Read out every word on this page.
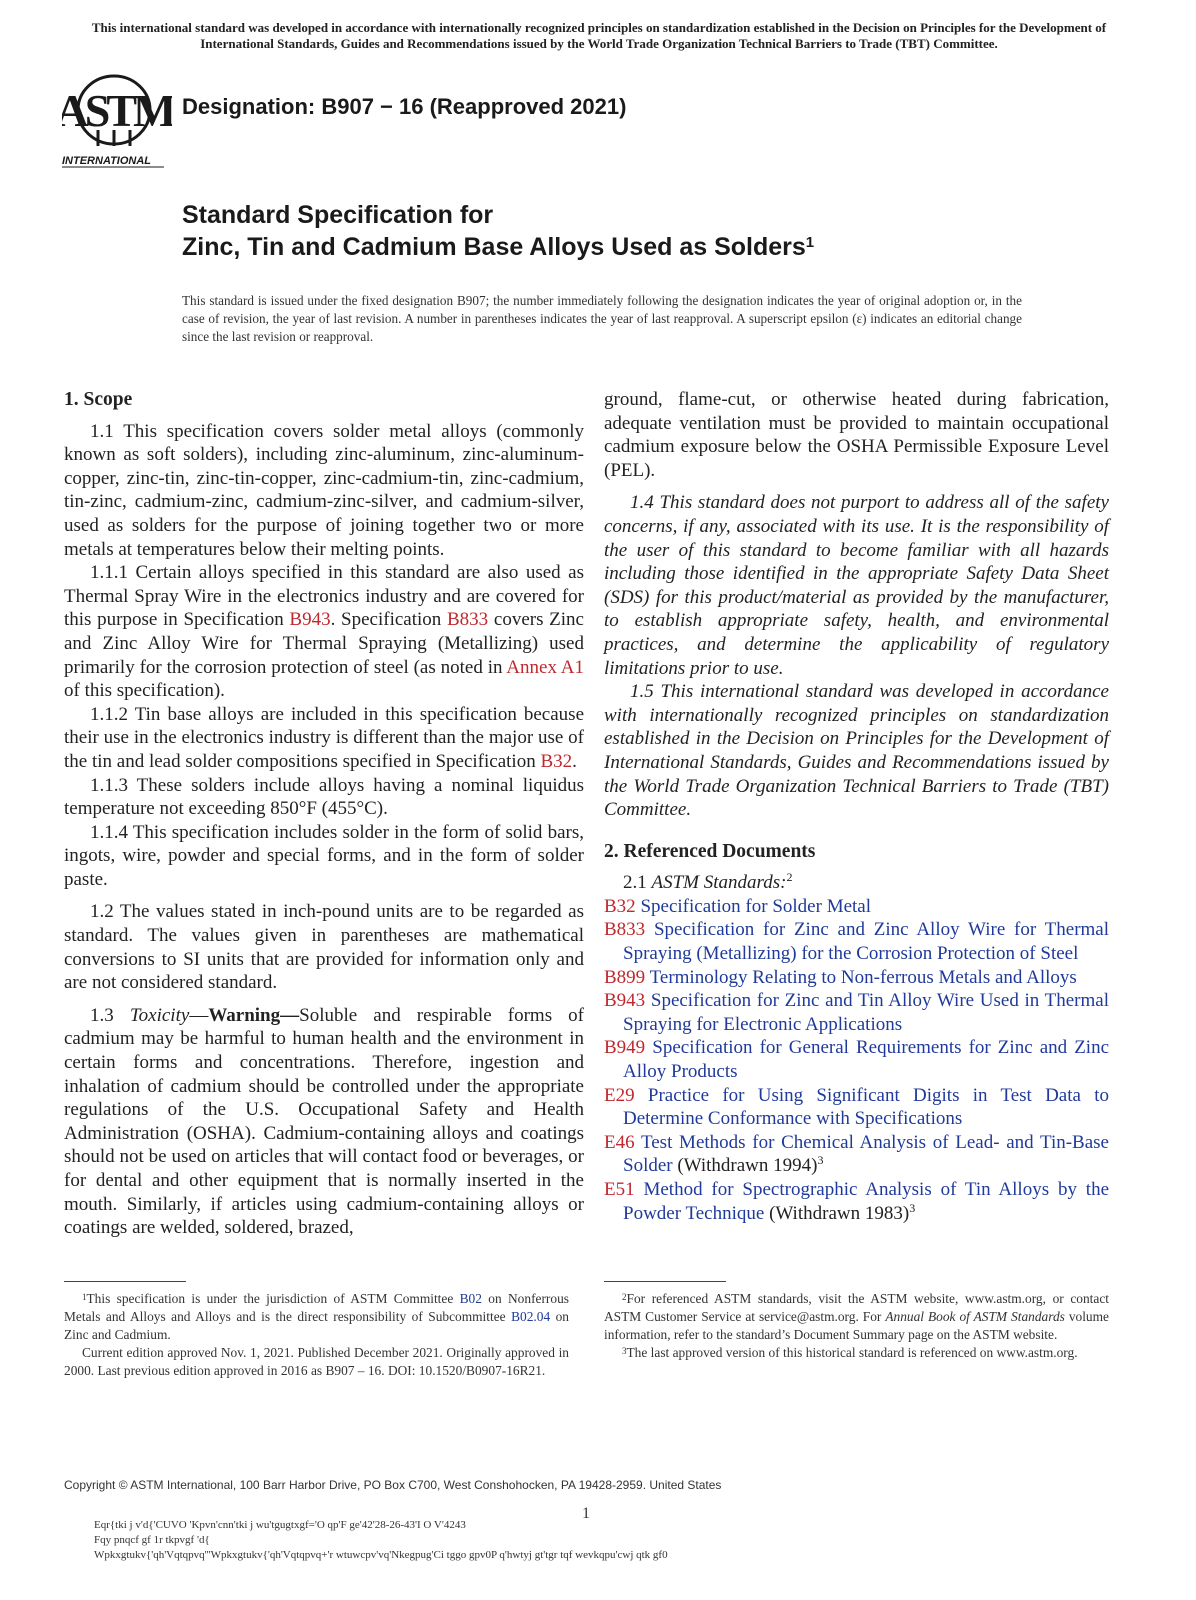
This international standard was developed in accordance with internationally recognized principles on standardization established in the Decision on Principles for the Development of International Standards, Guides and Recommendations issued by the World Trade Organization Technical Barriers to Trade (TBT) Committee.
ASTM
INTERNATIONAL
Designation: B907 − 16 (Reapproved 2021)
Standard Specification for
Zinc, Tin and Cadmium Base Alloys Used as Solders$^1$
This standard is issued under the fixed designation B907; the number immediately following the designation indicates the year of original adoption or, in the case of revision, the year of last revision. A number in parentheses indicates the year of last reapproval. A superscript epsilon (ε) indicates an editorial change since the last revision or reapproval.
1. Scope

1.1 This specification covers solder metal alloys (commonly known as soft solders), including zinc-aluminum, zinc-aluminum-copper, zinc-tin, zinc-tin-copper, zinc-cadmium-tin, zinc-cadmium, tin-zinc, cadmium-zinc, cadmium-zinc-silver, and cadmium-silver, used as solders for the purpose of joining together two or more metals at temperatures below their melting points.

1.1.1 Certain alloys specified in this standard are also used as Thermal Spray Wire in the electronics industry and are covered for this purpose in Specification B943. Specification B833 covers Zinc and Zinc Alloy Wire for Thermal Spraying (Metallizing) used primarily for the corrosion protection of steel (as noted in Annex A1 of this specification).

1.1.2 Tin base alloys are included in this specification because their use in the electronics industry is different than the major use of the tin and lead solder compositions specified in Specification B32.

1.1.3 These solders include alloys having a nominal liquidus temperature not exceeding 850°F (455°C).

1.1.4 This specification includes solder in the form of solid bars, ingots, wire, powder and special forms, and in the form of solder paste.

1.2 The values stated in inch-pound units are to be regarded as standard. The values given in parentheses are mathematical conversions to SI units that are provided for information only and are not considered standard.

1.3 Toxicity—Warning—Soluble and respirable forms of cadmium may be harmful to human health and the environment in certain forms and concentrations. Therefore, ingestion and inhalation of cadmium should be controlled under the appropriate regulations of the U.S. Occupational Safety and Health Administration (OSHA). Cadmium-containing alloys and coatings should not be used on articles that will contact food or beverages, or for dental and other equipment that is normally inserted in the mouth. Similarly, if articles using cadmium-containing alloys or coatings are welded, soldered, brazed,

ground, flame-cut, or otherwise heated during fabrication, adequate ventilation must be provided to maintain occupational cadmium exposure below the OSHA Permissible Exposure Level (PEL).

1.4 This standard does not purport to address all of the safety concerns, if any, associated with its use. It is the responsibility of the user of this standard to become familiar with all hazards including those identified in the appropriate Safety Data Sheet (SDS) for this product/material as provided by the manufacturer, to establish appropriate safety, health, and environmental practices, and determine the applicability of regulatory limitations prior to use.

1.5 This international standard was developed in accordance with internationally recognized principles on standardization established in the Decision on Principles for the Development of International Standards, Guides and Recommendations issued by the World Trade Organization Technical Barriers to Trade (TBT) Committee.

2. Referenced Documents

2.1 ASTM Standards:$^2$

B32 Specification for Solder Metal

B833 Specification for Zinc and Zinc Alloy Wire for Thermal Spraying (Metallizing) for the Corrosion Protection of Steel

B899 Terminology Relating to Non-ferrous Metals and Alloys

B943 Specification for Zinc and Tin Alloy Wire Used in Thermal Spraying for Electronic Applications

B949 Specification for General Requirements for Zinc and Zinc Alloy Products

E29 Practice for Using Significant Digits in Test Data to Determine Conformance with Specifications

E46 Test Methods for Chemical Analysis of Lead- and Tin-Base Solder (Withdrawn 1994)$^3$

E51 Method for Spectrographic Analysis of Tin Alloys by the Powder Technique (Withdrawn 1983)$^3$

$^1$This specification is under the jurisdiction of ASTM Committee B02 on Nonferrous Metals and Alloys and Alloys and is the direct responsibility of Subcommittee B02.04 on Zinc and Cadmium.

Current edition approved Nov. 1, 2021. Published December 2021. Originally approved in 2000. Last previous edition approved in 2016 as B907 – 16. DOI: 10.1520/B0907-16R21.

$^2$For referenced ASTM standards, visit the ASTM website, www.astm.org, or contact ASTM Customer Service at service@astm.org. For Annual Book of ASTM Standards volume information, refer to the standard’s Document Summary page on the ASTM website.

$^3$The last approved version of this historical standard is referenced on www.astm.org.

Copyright © ASTM International, 100 Barr Harbor Drive, PO Box C700, West Conshohocken, PA 19428-2959. United States
1
Eqr{tki j v'd{'CUVO 'Kpvn'cnn'tki j wu'tgugtxgf='O qp'F ge'42'28-26-43'I O V'4243
Fqy pnqcf gf 1r tkpvgf 'd{
Wpkxgtukv{'qh'Vqtqpvq'''Wpkxgtukv{'qh'Vqtqpvq+'r wtuwcpv'vq'Nkegpug'Ci tggo gpv0P q'hwtyj gt'tgr tqf wevkqpu'cwj qtk gf0
